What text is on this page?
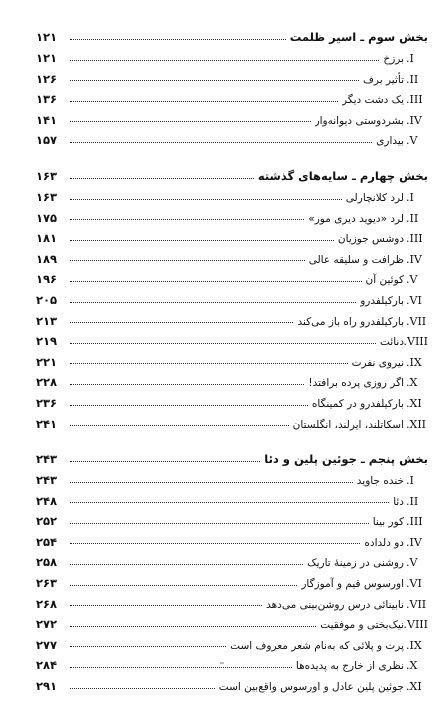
بخش سوم ـ اسیر ظلمت
۱۲۱
I.
برزخ
۱۲۱
II.
تأثیر برف
۱۲۶
III.
یک دشت دیگر
۱۳۶
IV.
بشردوستی دیوانه‌وار
۱۴۱
V.
بیداری
۱۵۷
بخش چهارم ـ سایه‌های گذشته
۱۶۳
I.
لرد کلانچارلی
۱۶۳
II.
لرد «دیوید دیری مور»
۱۷۵
III.
دوشس جوزیان
۱۸۱
IV.
ظرافت و سلیقه عالی
۱۸۹
V.
کوئین آن
۱۹۶
VI.
بارکیلفدرو
۲۰۵
VII.
بارکیلفدرو راه باز می‌کند
۲۱۳
VIII.
دنائت
۲۱۹
IX.
نیروی نفرت
۲۲۱
X.
اگر روزی پرده برافتد!
۲۲۸
XI.
بارکیلفدرو در کمینگاه
۲۳۶
XII.
اسکاتلند، ایرلند، انگلستان
۲۴۱
بخش پنجم ـ جوئین پلین و دئا
۲۴۳
I.
خنده جاوید
۲۴۳
II.
دئا
۲۴۸
III.
کور بینا
۲۵۲
IV.
دو دلداده
۲۵۴
V.
روشنی در زمینهٔ تاریک
۲۵۸
VI.
اورسوس قیم و آموزگار
۲۶۳
VII.
نابینائی درس روشن‌بینی می‌دهد
۲۶۸
VIII.
نیک‌بختی و موفقیت
۲۷۲
IX.
پرت و پلائی که به‌نام شعر معروف است
۲۷۷
X.
نظری از خارج به پدیده‌ها
۲۸۴
XI.
جوئین پلین عادل و اورسوس واقع‌بین است
۲۹۱
